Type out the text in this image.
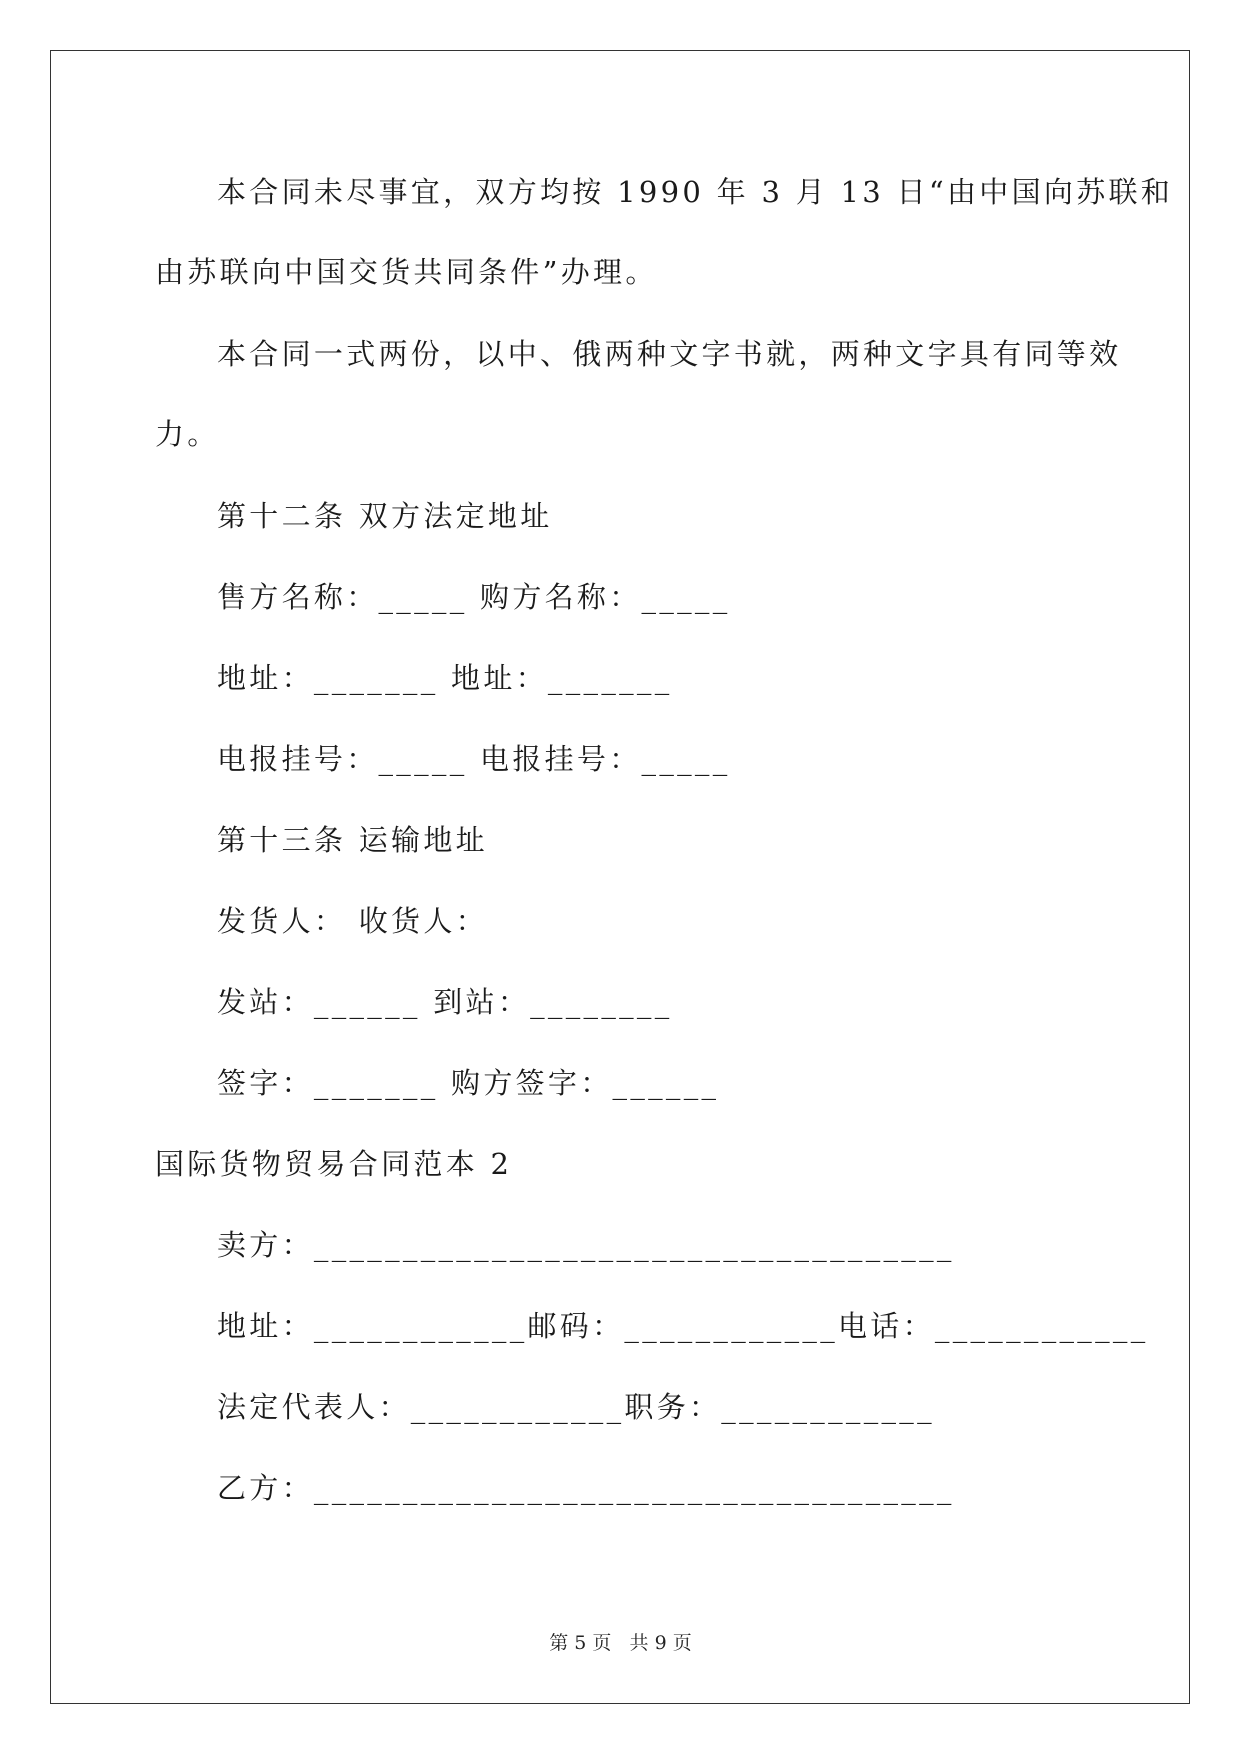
本合同未尽事宜，双方均按 1990 年 3 月 13 日“由中国向苏联和
由苏联向中国交货共同条件”办理。
本合同一式两份，以中、俄两种文字书就，两种文字具有同等效
力。
第十二条 双方法定地址
售方名称：_____ 购方名称：_____
地址：_______ 地址：_______
电报挂号：_____ 电报挂号：_____
第十三条 运输地址
发货人： 收货人：
发站：______ 到站：________
签字：_______ 购方签字：______
国际货物贸易合同范本 2
卖方：____________________________________
地址：____________邮码：____________电话：____________
法定代表人：____________职务：____________
乙方：____________________________________
第 5 页   共 9 页
